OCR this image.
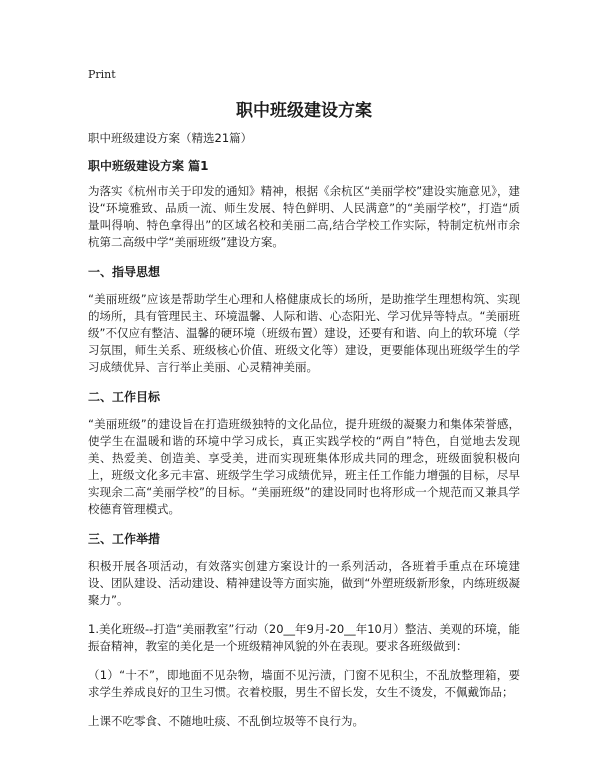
Print
职中班级建设方案

职中班级建设方案（精选21篇）

职中班级建设方案 篇1

为落实《杭州市关于印发的通知》精神，根据《余杭区“美丽学校”建设实施意见》，建设“环境雅致、品质一流、师生发展、特色鲜明、人民满意”的“美丽学校”，打造“质量叫得响、特色拿得出”的区域名校和美丽二高,结合学校工作实际，特制定杭州市余杭第二高级中学“美丽班级”建设方案。

一、指导思想

“美丽班级”应该是帮助学生心理和人格健康成长的场所，是助推学生理想构筑、实现的场所，具有管理民主、环境温馨、人际和谐、心态阳光、学习优异等特点。“美丽班级”不仅应有整洁、温馨的硬环境（班级布置）建设，还要有和谐、向上的软环境（学习氛围，师生关系、班级核心价值、班级文化等）建设，更要能体现出班级学生的学习成绩优异、言行举止美丽、心灵精神美丽。

二、工作目标

“美丽班级”的建设旨在打造班级独特的文化品位，提升班级的凝聚力和集体荣誉感，使学生在温暖和谐的环境中学习成长，真正实践学校的“两自”特色，自觉地去发现美、热爱美、创造美、享受美，进而实现班集体形成共同的理念，班级面貌积极向上，班级文化多元丰富、班级学生学习成绩优异，班主任工作能力增强的目标，尽早实现余二高“美丽学校”的目标。“美丽班级”的建设同时也将形成一个规范而又兼具学校德育管理模式。

三、工作举措

积极开展各项活动，有效落实创建方案设计的一系列活动，各班着手重点在环境建设、团队建设、活动建设、精神建设等方面实施，做到“外塑班级新形象，内练班级凝聚力”。

1.美化班级--打造“美丽教室”行动（20__年9月-20__年10月）整洁、美观的环境，能振奋精神，教室的美化是一个班级精神风貌的外在表现。要求各班级做到：

（1）“十不”，即地面不见杂物，墙面不见污渍，门窗不见积尘，不乱放整理箱，要求学生养成良好的卫生习惯。衣着校服，男生不留长发，女生不烫发，不佩戴饰品；

上课不吃零食、不随地吐痰、不乱倒垃圾等不良行为。
